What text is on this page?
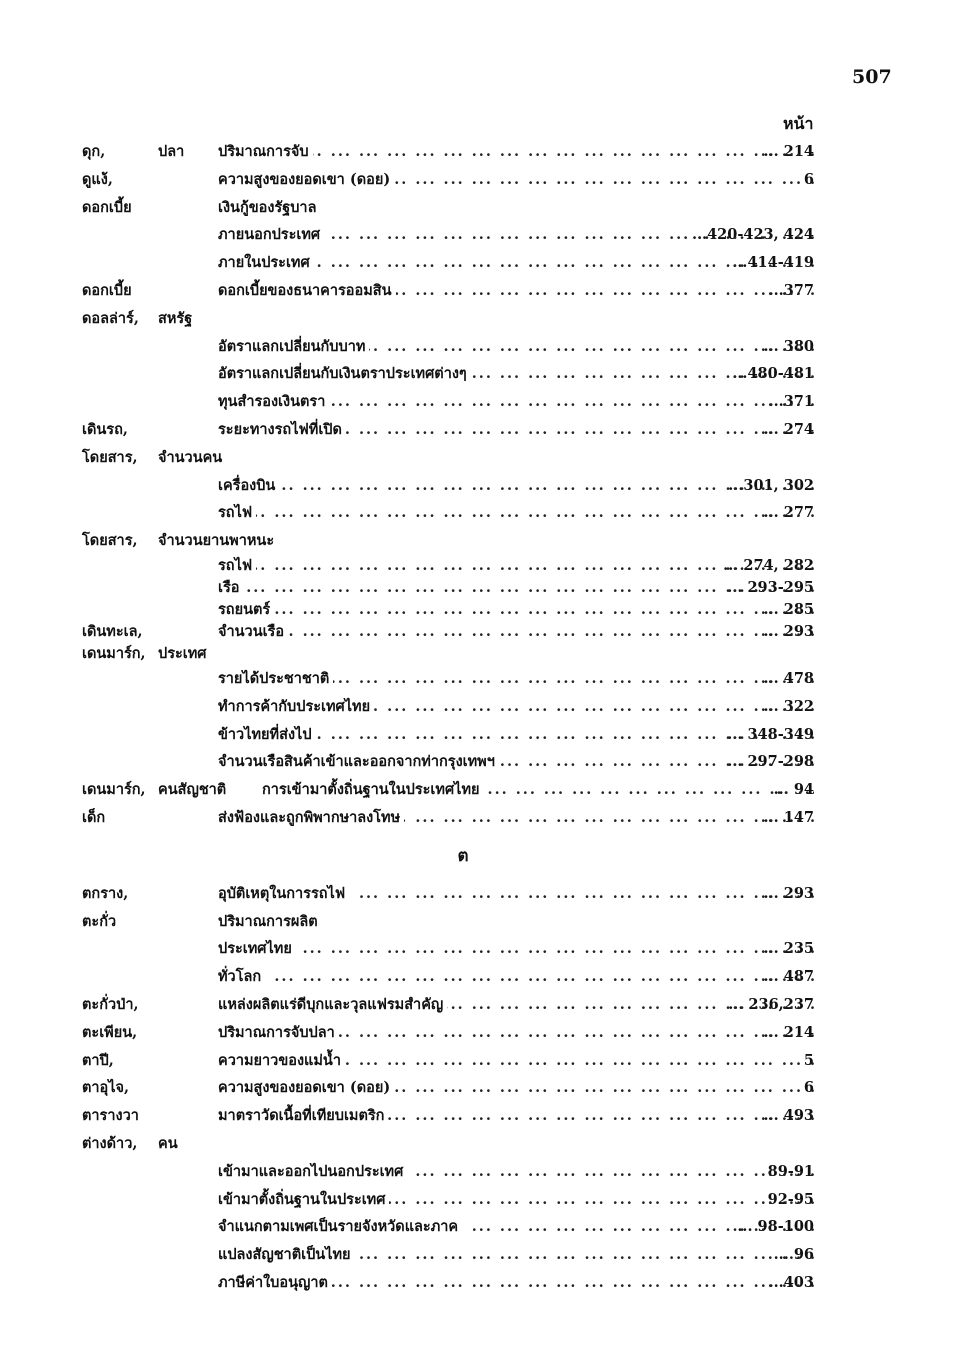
507
หน้า
ดุก,	ปลา ปริมาณการจับ ... .	... 214
ดูแง้,	ความสูงของยอดเขา (ดอย) ... .	6
ดอกเบี้ย	เงินกู้ของรัฐบาล
ภายนอกประเทศ ... .	...420-423, 424
ภายในประเทศ ... .	...414-419
ดอกเบี้ย	ดอกเบี้ยของธนาคารออมสิน ... .	...377
ดอลล่าร์, สหรัฐ
อัตราแลกเปลี่ยนกับบาท ... .	... 380
อัตราแลกเปลี่ยนกับเงินตราประเทศต่างๆ ... .	...480-481
ทุนสำรองเงินตรา ... .	...371
เดินรถ,	ระยะทางรถไฟที่เปิด ... .	... 274
โดยสาร, จำนวนคน
เครื่องบิน ... .	...301, 302
รถไฟ ... .	... 277
โดยสาร, จำนวนยานพาหนะ
รถไฟ ... .	... 274, 282
เรือ ... .	... 293-295
รถยนตร์ ... .	... 285
เดินทะเล,	จำนวนเรือ ... .	... 293
เดนมาร์ก, ประเทศ
รายได้ประชาชาติ ... .	... 478
ทำการค้ากับประเทศไทย ... .	... 322
ข้าวไทยที่ส่งไป ... .	... 348-349
จำนวนเรือสินค้าเข้าและออกจากท่ากรุงเทพฯ ... .	... 297-298
เดนมาร์ก, คนสัญชาติ การเข้ามาตั้งถิ่นฐานในประเทศไทย ... .	... 94
เด็ก	ส่งฟ้องและถูกพิพากษาลงโทษ ... .	... 147
ต
ตกราง,	อุบัติเหตุในการรถไฟ ... .	... 293
ตะกั่ว	ปริมาณการผลิต
ประเทศไทย ... .	... 235
ทั่วโลก ... .	... 487
ตะกั่วป่า,	แหล่งผลิตแร่ดีบุกและวุลแฟรมสำคัญ ... .	... 236,237
ตะเพียน,	ปริมาณการจับปลา ... .	... 214
ตาปี,	ความยาวของแม่น้ำ ... .	5
ตาอุไจ,	ความสูงของยอดเขา (ดอย) ... .	6
ตารางวา	มาตราวัดเนื้อที่เทียบเมตริก ... .	... 493
ต่างด้าว, คน
เข้ามาและออกไปนอกประเทศ ... .	89-91
เข้ามาตั้งถิ่นฐานในประเทศ ... .	92-95
จำแนกตามเพศเป็นรายจังหวัดและภาค ... .	... 98-100
แปลงสัญชาติเป็นไทย ... .	... 96
ภาษีค่าใบอนุญาต ... .	...403
